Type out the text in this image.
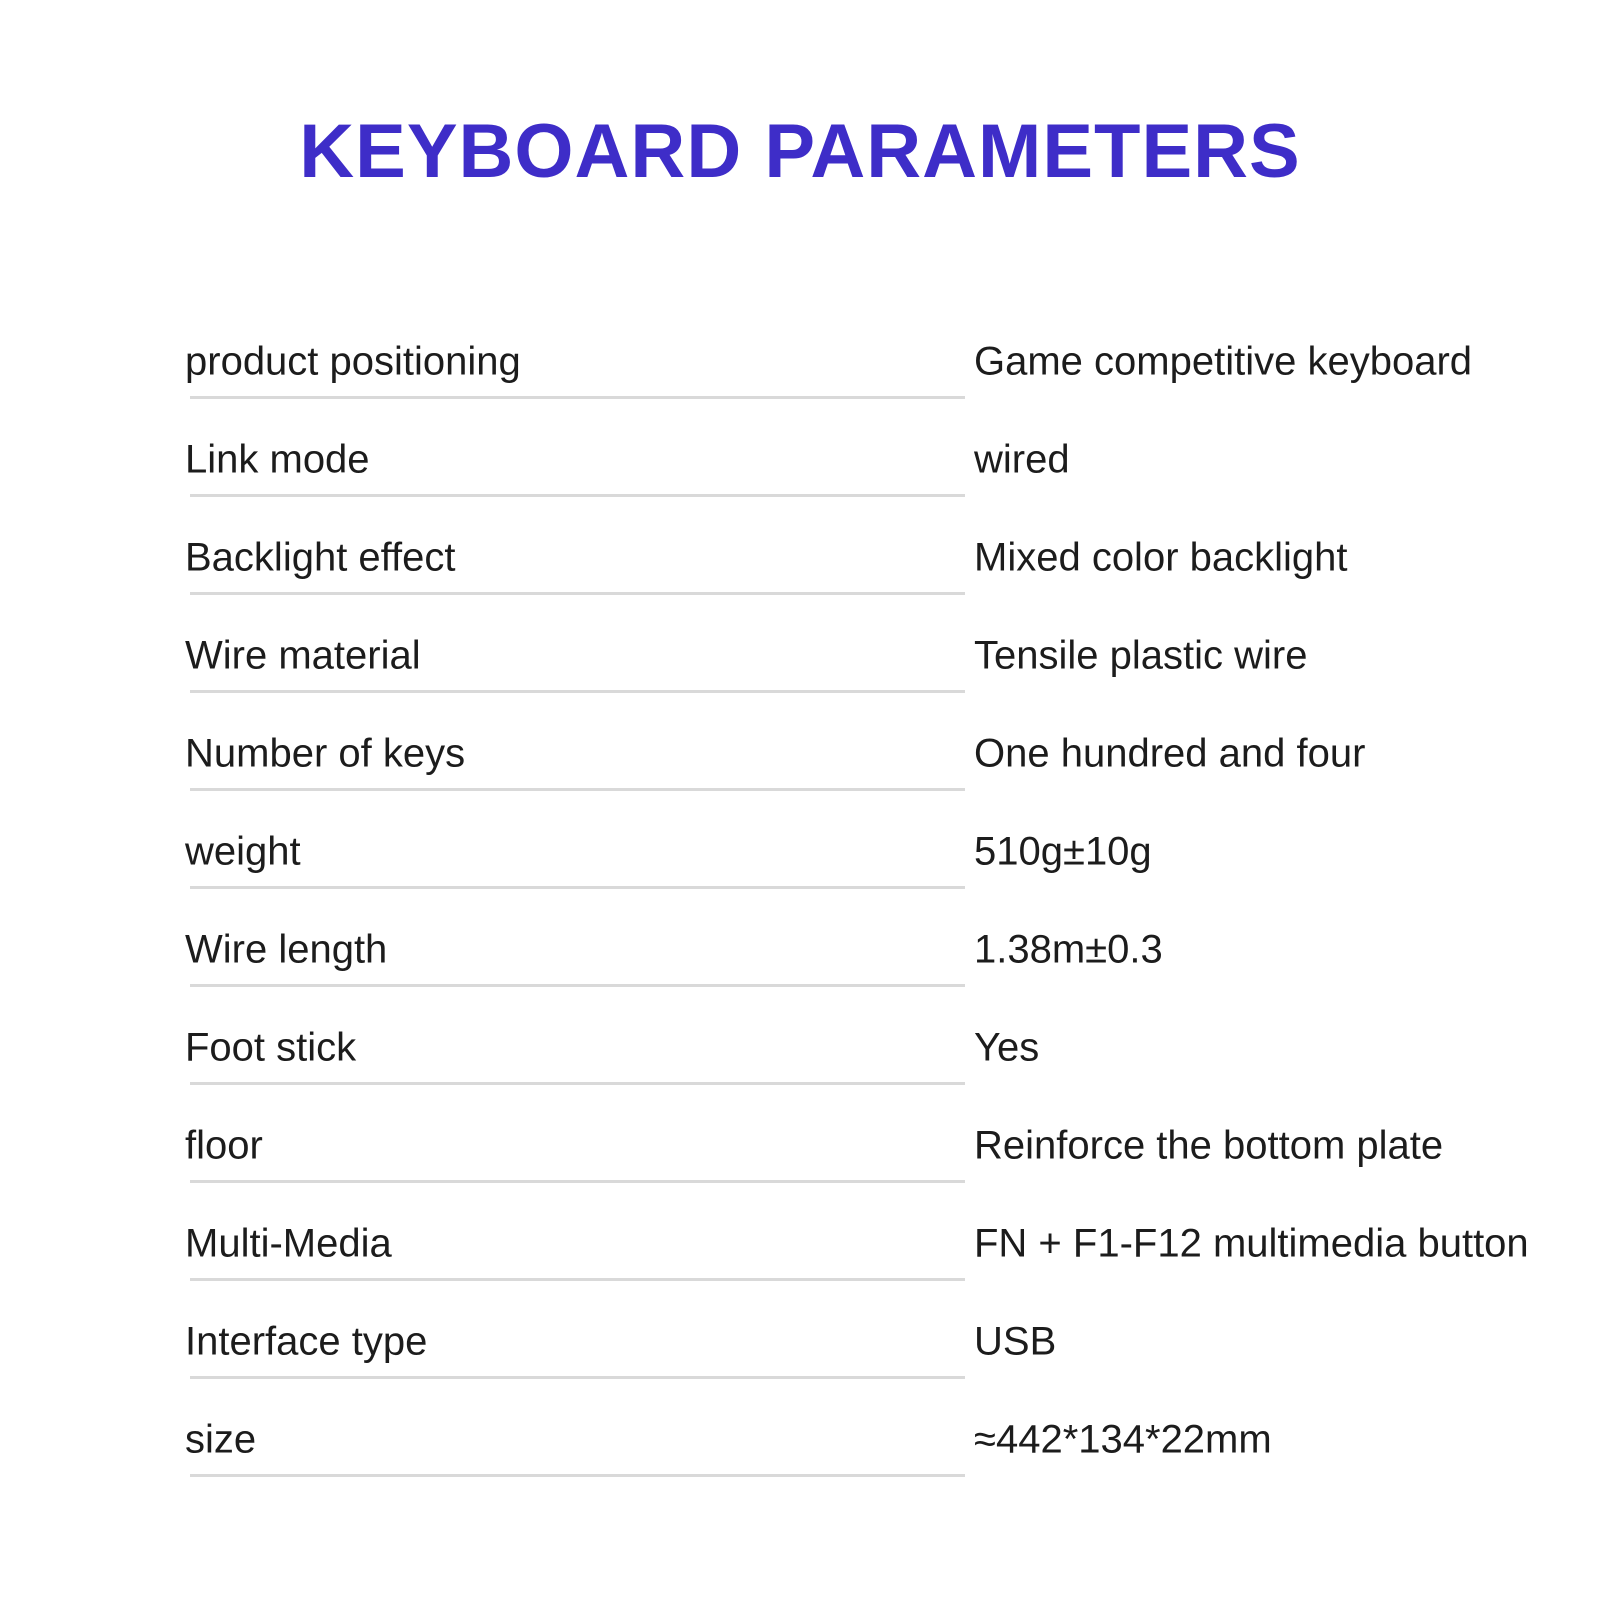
KEYBOARD PARAMETERS
product positioning	Game competitive keyboard
Link mode	wired
Backlight effect	Mixed color backlight
Wire material	Tensile plastic wire
Number of keys	One hundred and four
weight	510g±10g
Wire length	1.38m±0.3
Foot stick	Yes
floor	Reinforce the bottom plate
Multi-Media	FN + F1-F12 multimedia button
Interface type	USB
size	≈442*134*22mm
